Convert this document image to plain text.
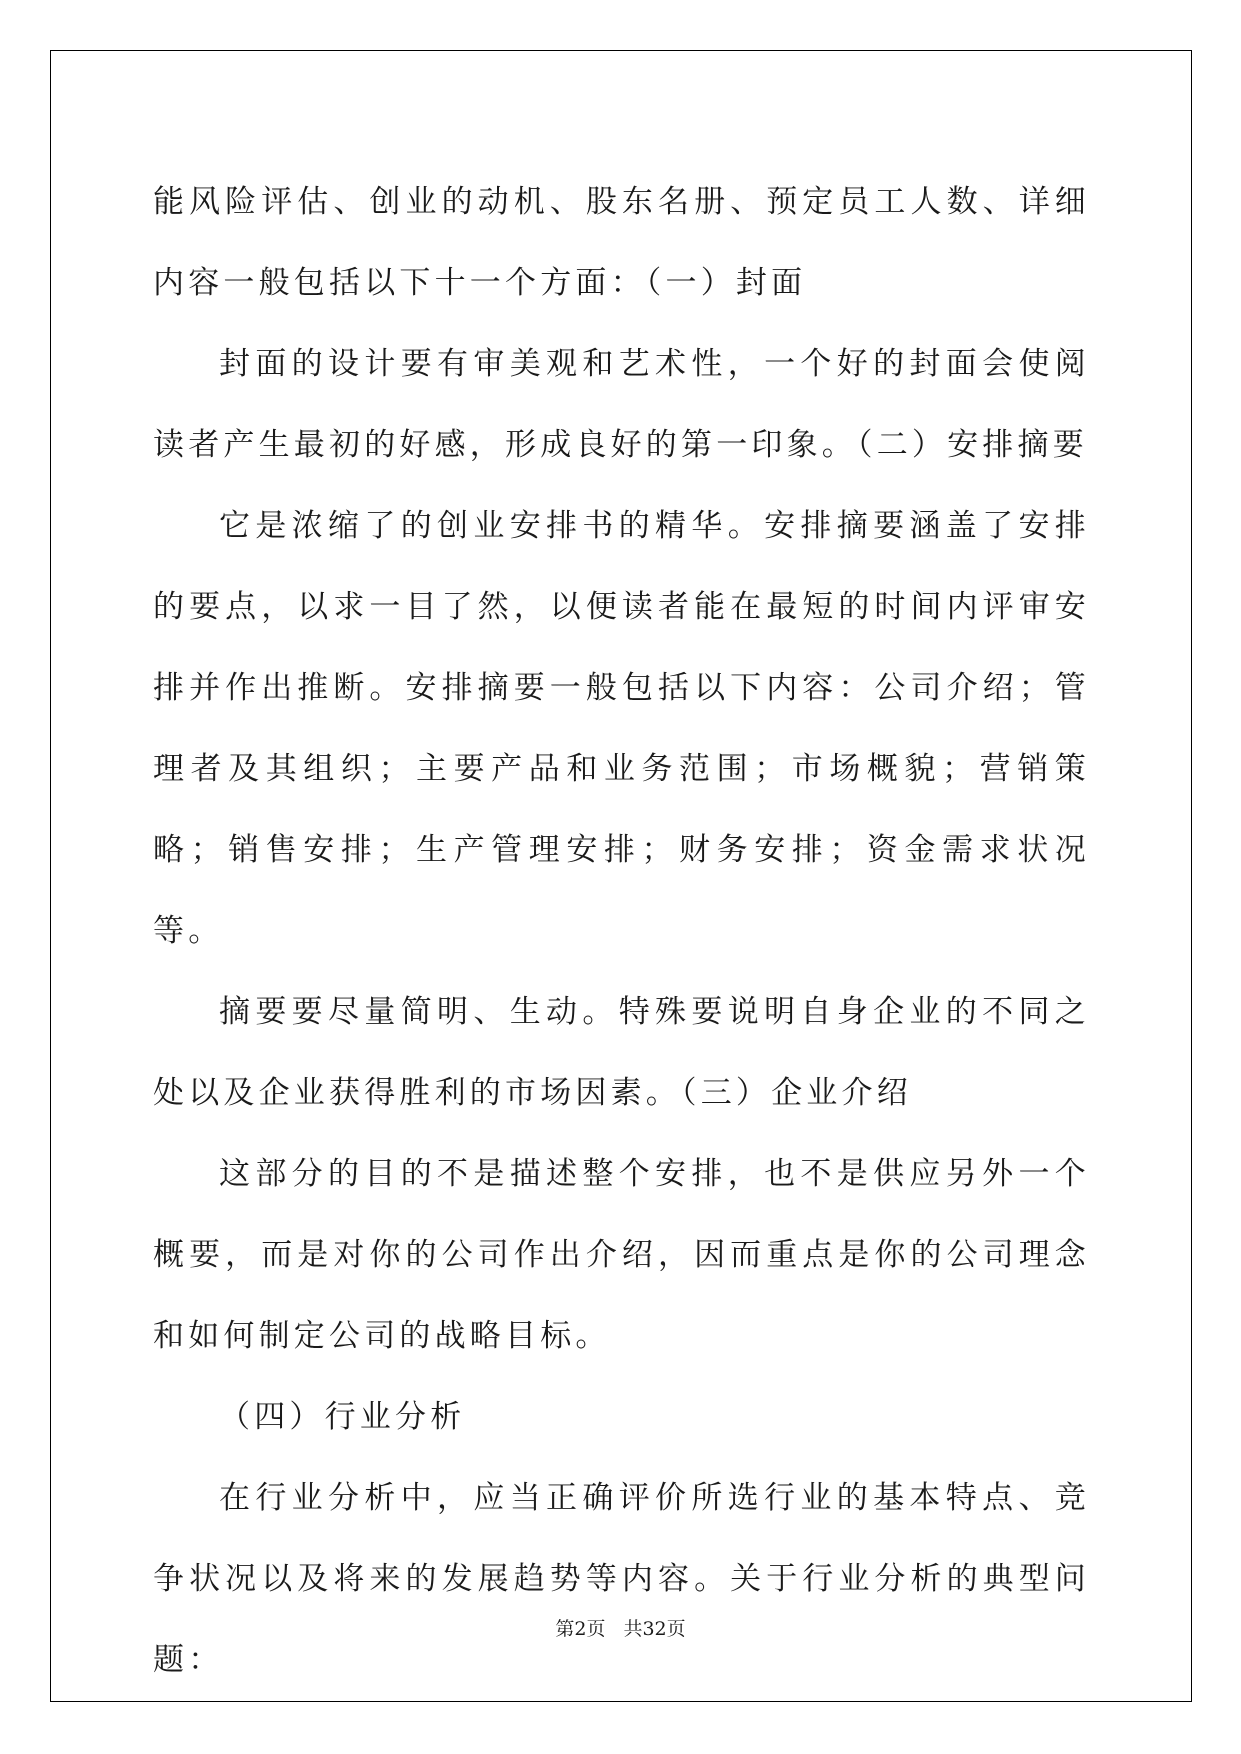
能风险评估、创业的动机、股东名册、预定员工人数、详细内容一般包括以下十一个方面：（一）封面

封面的设计要有审美观和艺术性，一个好的封面会使阅读者产生最初的好感，形成良好的第一印象。（二）安排摘要

它是浓缩了的创业安排书的精华。安排摘要涵盖了安排的要点，以求一目了然，以便读者能在最短的时间内评审安排并作出推断。安排摘要一般包括以下内容：公司介绍；管理者及其组织；主要产品和业务范围；市场概貌；营销策略；销售安排；生产管理安排；财务安排；资金需求状况等。

摘要要尽量简明、生动。特殊要说明自身企业的不同之处以及企业获得胜利的市场因素。（三）企业介绍

这部分的目的不是描述整个安排，也不是供应另外一个概要，而是对你的公司作出介绍，因而重点是你的公司理念和如何制定公司的战略目标。

（四）行业分析

在行业分析中，应当正确评价所选行业的基本特点、竞争状况以及将来的发展趋势等内容。关于行业分析的典型问题：

第2页 共32页
